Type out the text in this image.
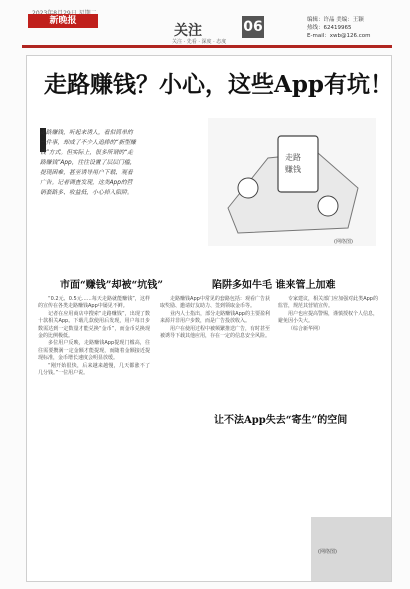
新晚报
关注
关注 · 先看 · 深度 · 态度
06	编辑：许晶 美编：王颖
热线：62419965
E-mail：xwb@126.com
走路赚钱？小心，这些App有坑！
走路赚钱，听起来诱人，看似简单的一件事，却成了不少人追捧的“新型赚钱”方式。但实际上，很多所谓的“走路赚钱”App，往往设置了层层门槛，提现困难，甚至诱导用户下载、观看广告。记者调查发现，这类App的营销套路多、收益低，小心掉入陷阱。
走路
赚钱
(网络图)
市面“赚钱”却被“坑钱”	陷阱多如牛毛 谁来管上加难
让不法App失去“寄生”的空间

“0.2元、0.5元……每天走路就能赚钱”，这样的宣传在各类走路赚钱App中屡见不鲜。

记者在应用商店中搜索“走路赚钱”，出现了数十款相关App。下载几款使用后发现，用户每日步数需达到一定数量才能兑换“金币”，而金币兑换现金的比例极低。

多位用户反映，走路赚钱App提现门槛高，往往需要攒满一定金额才能提现，而随着金额接近提现标准，金币增长速度会明显放缓。

“刚开始很快，后来越来越慢，几天都涨不了几分钱。”一位用户说。

走路赚钱App中常见的套路包括：观看广告获取奖励、邀请好友助力、签到领取金币等。

业内人士指出，部分走路赚钱App的主要盈利来源并非用户步数，而是广告投放收入。

用户在使用过程中被频繁推送广告，有时甚至被诱导下载其他应用，存在一定的信息安全风险。

专家建议，相关部门应加强对此类App的监管，规范其营销宣传。

用户也应提高警惕，谨慎授权个人信息，避免因小失大。

（综合新华网）

(网络图)
